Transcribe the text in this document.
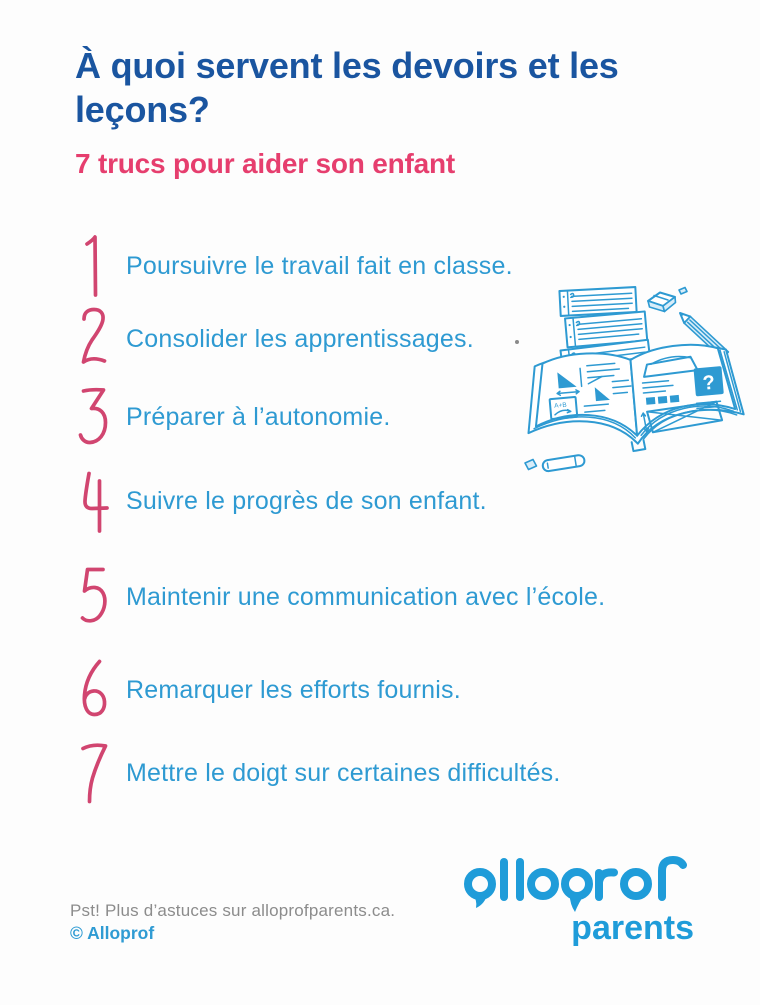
À quoi servent les devoirs et les
leçons?
7 trucs pour aider son enfant
Poursuivre le travail fait en classe.
Consolider les apprentissages.
Préparer à l’autonomie.
Suivre le progrès de son enfant.
Maintenir une communication avec l’école.
Remarquer les efforts fournis.
Mettre le doigt sur certaines difficultés.
A+B
?
Pst! Plus d’astuces sur alloprofparents.ca.
© Alloprof	parents
